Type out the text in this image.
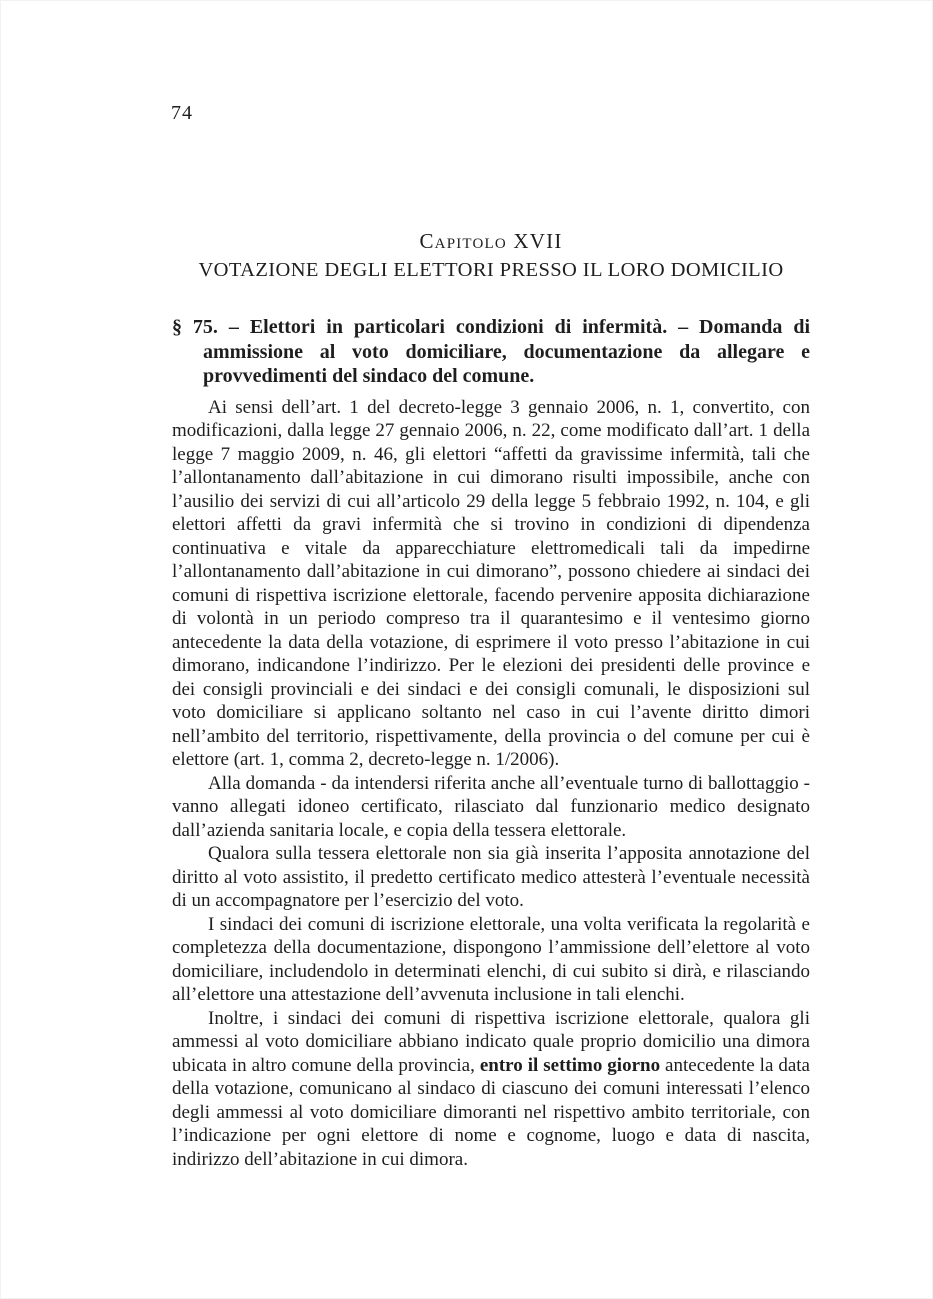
74
Capitolo XVII
VOTAZIONE DEGLI ELETTORI PRESSO IL LORO DOMICILIO
§ 75. – Elettori in particolari condizioni di infermità. – Domanda di ammissione al voto domiciliare, documentazione da allegare e provvedimenti del sindaco del comune.

Ai sensi dell’art. 1 del decreto-legge 3 gennaio 2006, n. 1, convertito, con modificazioni, dalla legge 27 gennaio 2006, n. 22, come modificato dall’art. 1 della legge 7 maggio 2009, n. 46, gli elettori “affetti da gravissime infermità, tali che l’allontanamento dall’abitazione in cui dimorano risulti impossibile, anche con l’ausilio dei servizi di cui all’articolo 29 della legge 5 febbraio 1992, n. 104, e gli elettori affetti da gravi infermità che si trovino in condizioni di dipendenza continuativa e vitale da apparecchiature elettromedicali tali da impedirne l’allontanamento dall’abitazione in cui dimorano”, possono chiedere ai sindaci dei comuni di rispettiva iscrizione elettorale, facendo pervenire apposita dichiarazione di volontà in un periodo compreso tra il quarantesimo e il ventesimo giorno antecedente la data della votazione, di esprimere il voto presso l’abitazione in cui dimorano, indicandone l’indirizzo. Per le elezioni dei presidenti delle province e dei consigli provinciali e dei sindaci e dei consigli comunali, le disposizioni sul voto domiciliare si applicano soltanto nel caso in cui l’avente diritto dimori nell’ambito del territorio, rispettivamente, della provincia o del comune per cui è elettore (art. 1, comma 2, decreto-legge n. 1/2006).

Alla domanda - da intendersi riferita anche all’eventuale turno di ballottaggio - vanno allegati idoneo certificato, rilasciato dal funzionario medico designato dall’azienda sanitaria locale, e copia della tessera elettorale.

Qualora sulla tessera elettorale non sia già inserita l’apposita annotazione del diritto al voto assistito, il predetto certificato medico attesterà l’eventuale necessità di un accompagnatore per l’esercizio del voto.

I sindaci dei comuni di iscrizione elettorale, una volta verificata la regolarità e completezza della documentazione, dispongono l’ammissione dell’elettore al voto domiciliare, includendolo in determinati elenchi, di cui subito si dirà, e rilasciando all’elettore una attestazione dell’avvenuta inclusione in tali elenchi.

Inoltre, i sindaci dei comuni di rispettiva iscrizione elettorale, qualora gli ammessi al voto domiciliare abbiano indicato quale proprio domicilio una dimora ubicata in altro comune della provincia, entro il settimo giorno antecedente la data della votazione, comunicano al sindaco di ciascuno dei comuni interessati l’elenco degli ammessi al voto domiciliare dimoranti nel rispettivo ambito territoriale, con l’indicazione per ogni elettore di nome e cognome, luogo e data di nascita, indirizzo dell’abitazione in cui dimora.
